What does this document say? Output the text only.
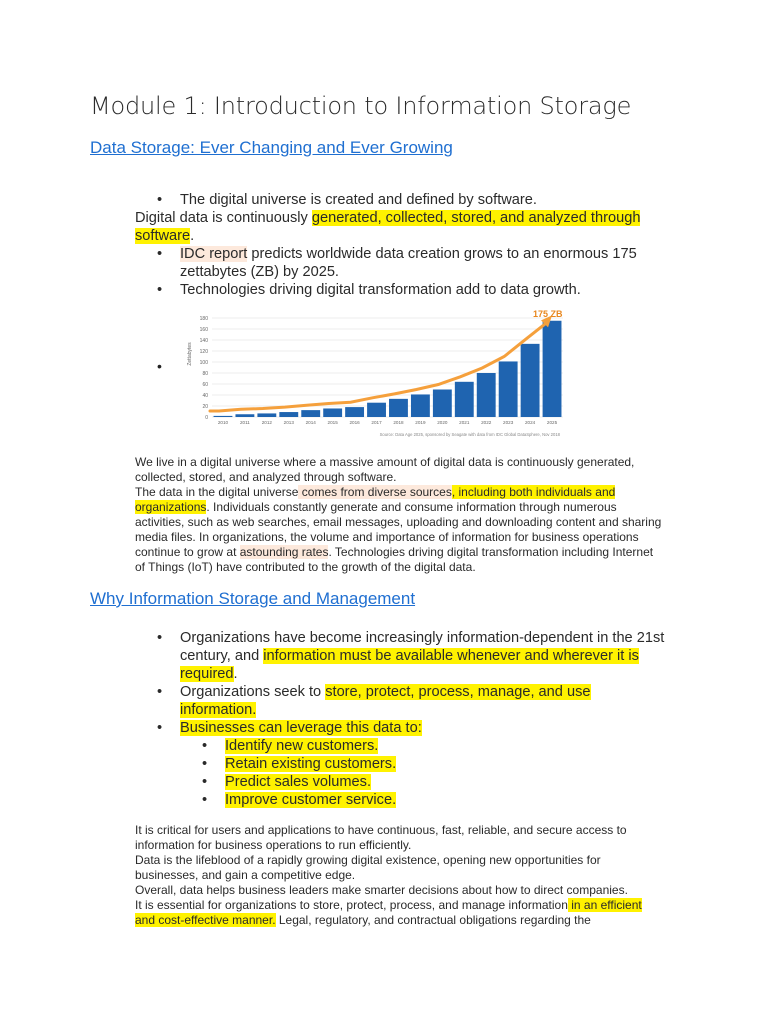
Module 1: Introduction to Information Storage
Data Storage: Ever Changing and Ever Growing
• The digital universe is created and defined by software.
Digital data is continuously generated, collected, stored, and analyzed through software.
• IDC report predicts worldwide data creation grows to an enormous 175 zettabytes (ZB) by 2025.
• Technologies driving digital transformation add to data growth.
•
2010	2011	2012	2013	2014	2015	2016	2017	2018	2019	2020	2021	2022	2023	2024	2025
0
20
40
60
80
100
120
140
160
180
Zettabytes
175 ZB
Source: Data Age 2025, sponsored by Seagate with data from IDC Global DataSphere, Nov 2018
We live in a digital universe where a massive amount of digital data is continuously generated, collected, stored, and analyzed through software.
The data in the digital universe comes from diverse sources, including both individuals and organizations. Individuals constantly generate and consume information through numerous activities, such as web searches, email messages, uploading and downloading content and sharing media files. In organizations, the volume and importance of information for business operations continue to grow at astounding rates. Technologies driving digital transformation including Internet of Things (IoT) have contributed to the growth of the digital data.
Why Information Storage and Management
• Organizations have become increasingly information-dependent in the 21st century, and information must be available whenever and wherever it is required.
• Organizations seek to store, protect, process, manage, and use information.
• Businesses can leverage this data to:
• Identify new customers.
• Retain existing customers.
• Predict sales volumes.
• Improve customer service.
It is critical for users and applications to have continuous, fast, reliable, and secure access to information for business operations to run efficiently.
Data is the lifeblood of a rapidly growing digital existence, opening new opportunities for businesses, and gain a competitive edge.
Overall, data helps business leaders make smarter decisions about how to direct companies.
It is essential for organizations to store, protect, process, and manage information in an efficient and cost-effective manner. Legal, regulatory, and contractual obligations regarding the
